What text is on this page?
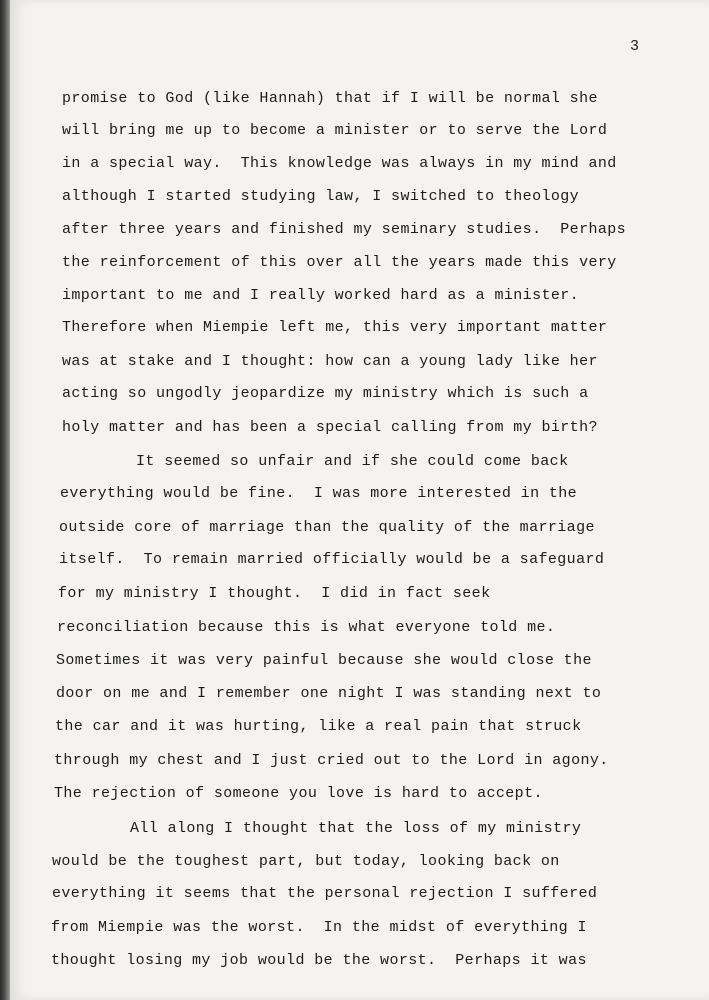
3
promise to God (like Hannah) that if I will be normal she
will bring me up to become a minister or to serve the Lord
in a special way.  This knowledge was always in my mind and
although I started studying law, I switched to theology
after three years and finished my seminary studies.  Perhaps
the reinforcement of this over all the years made this very
important to me and I really worked hard as a minister.
Therefore when Miempie left me, this very important matter
was at stake and I thought: how can a young lady like her
acting so ungodly jeopardize my ministry which is such a
holy matter and has been a special calling from my birth?
It seemed so unfair and if she could come back
everything would be fine.  I was more interested in the
outside core of marriage than the quality of the marriage
itself.  To remain married officially would be a safeguard
for my ministry I thought.  I did in fact seek
reconciliation because this is what everyone told me.
Sometimes it was very painful because she would close the
door on me and I remember one night I was standing next to
the car and it was hurting, like a real pain that struck
through my chest and I just cried out to the Lord in agony.
The rejection of someone you love is hard to accept.
All along I thought that the loss of my ministry
would be the toughest part, but today, looking back on
everything it seems that the personal rejection I suffered
from Miempie was the worst.  In the midst of everything I
thought losing my job would be the worst.  Perhaps it was
